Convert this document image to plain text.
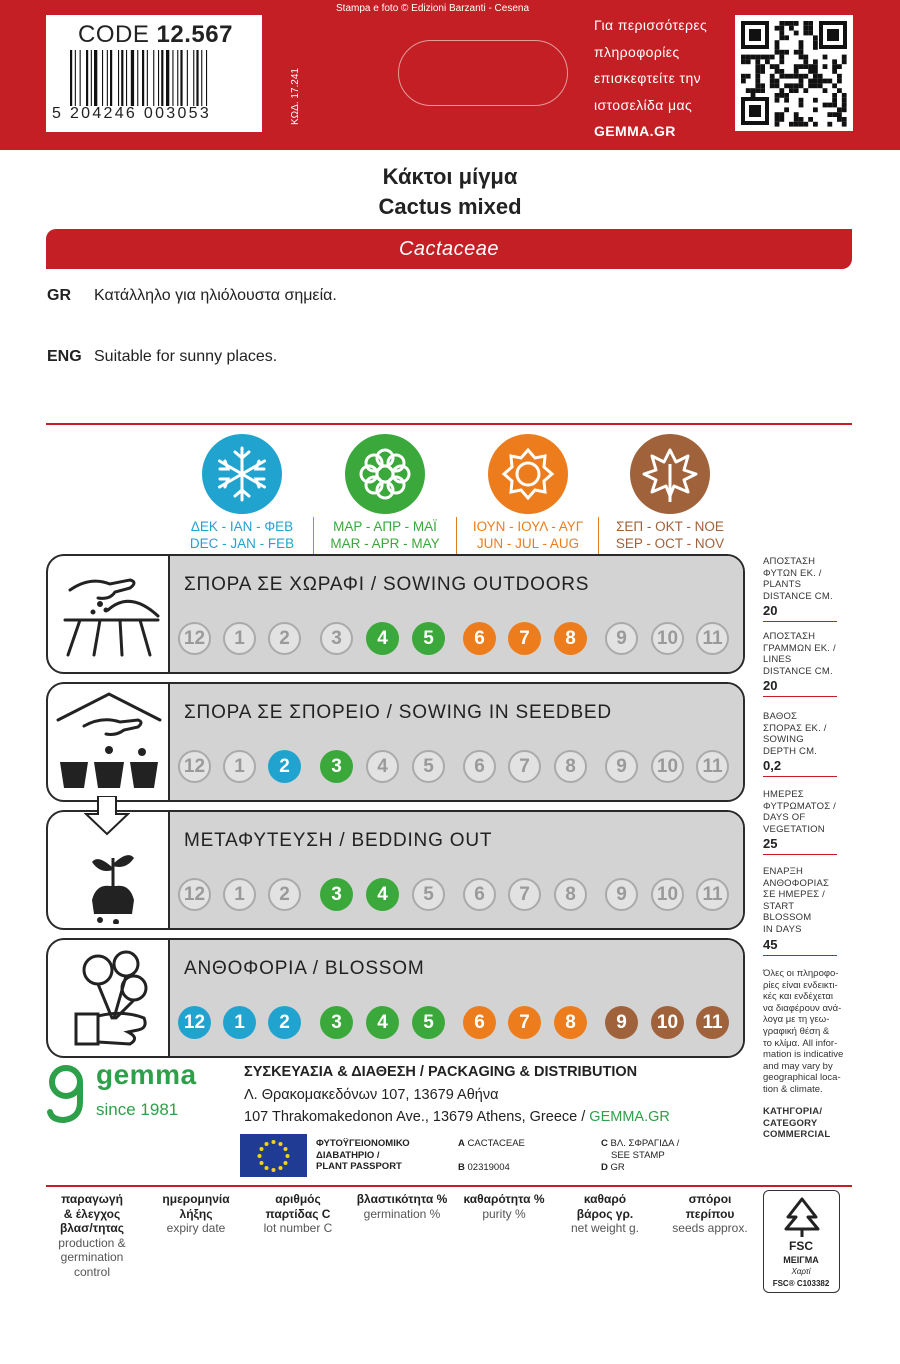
CODE 12.567
5 204246 003053	ΚΩΔ. 17.241
Stampa e foto © Edizioni Barzanti - Cesena
Για περισσότερες
πληροφορίες
επισκεφτείτε την
ιστοσελίδα μας
GEMMA.GR
Κάκτοι μίγμα
Cactus mixed
Cactaceae
GR Κατάλληλο για ηλιόλουστα σημεία.
ENG Suitable for sunny places.
ΔΕΚ - ΙΑΝ - ΦΕΒ
DEC - JAN - FEB
ΜΑΡ - ΑΠΡ - ΜΑΪ
MAR - APR - MAY
ΙΟΥΝ - ΙΟΥΛ - ΑΥΓ
JUN - JUL - AUG
ΣΕΠ - ΟΚΤ - ΝΟΕ
SEP - OCT - NOV
ΣΠΟΡΑ ΣΕ ΧΩΡΑΦΙ / SOWING OUTDOORS
12	1	2	3	4	5	6	7	8	9	10	11
ΣΠΟΡΑ ΣΕ ΣΠΟΡΕΙΟ / SOWING IN SEEDBED
12	1	2	3	4	5	6	7	8	9	10	11
ΜΕΤΑΦΥΤΕΥΣΗ / BEDDING OUT
12	1	2	3	4	5	6	7	8	9	10	11
ΑΝΘΟΦΟΡΙΑ / BLOSSOM
12	1	2	3	4	5	6	7	8	9	10	11
ΑΠΟΣΤΑΣΗ
ΦΥΤΩΝ ΕΚ. /
PLANTS
DISTANCE CM.
20
ΑΠΟΣΤΑΣΗ
ΓΡΑΜΜΩΝ ΕΚ. /
LINES
DISTANCE CM.
20
ΒΑΘΟΣ
ΣΠΟΡΑΣ ΕΚ. /
SOWING
DEPTH CM.
0,2
ΗΜΕΡΕΣ
ΦΥΤΡΩΜΑΤΟΣ /
DAYS OF
VEGETATION
25
ΕΝΑΡΞΗ
ΑΝΘΟΦΟΡΙΑΣ
ΣΕ ΗΜΕΡΕΣ /
START
BLOSSOM
IN DAYS
45
Όλες οι πληροφο-
ρίες είναι ενδεικτι-
κές και ενδέχεται
να διαφέρουν ανά-
λογα με τη γεω-
γραφική θέση &
το κλίμα. All infor-
mation is indicative
and may vary by
geographical loca-
tion & climate.
ΚΑΤΗΓΟΡΙΑ/
CATEGORY
COMMERCIAL
gemma
since 1981
ΣΥΣΚΕΥΑΣΙΑ & ΔΙΑΘΕΣΗ / PACKAGING & DISTRIBUTION
Λ. Θρακομακεδόνων 107, 13679 Αθήνα
107 Thrakomakedonon Ave., 13679 Athens, Greece / GEMMA.GR
ΦΥΤΟΫΓΕΙΟΝΟΜΙΚΟ
ΔΙΑΒΑΤΗΡΙΟ /
PLANT PASSPORT
A CACTACEAE
B 02319004
C ΒΛ. ΣΦΡΑΓΙΔΑ /
SEE STAMP
D GR
παραγωγή
& έλεγχος
βλασ/τητας
production &
germination
control
ημερομηνία
λήξης
expiry date
αριθμός
παρτίδας C
lot number C
βλαστικότητα %
germination %
καθαρότητα %
purity %
καθαρό
βάρος γρ.
net weight g.
σπόροι
περίπου
seeds approx.
FSC
ΜΕΙΓΜΑ
Χαρτί
FSC® C103382
